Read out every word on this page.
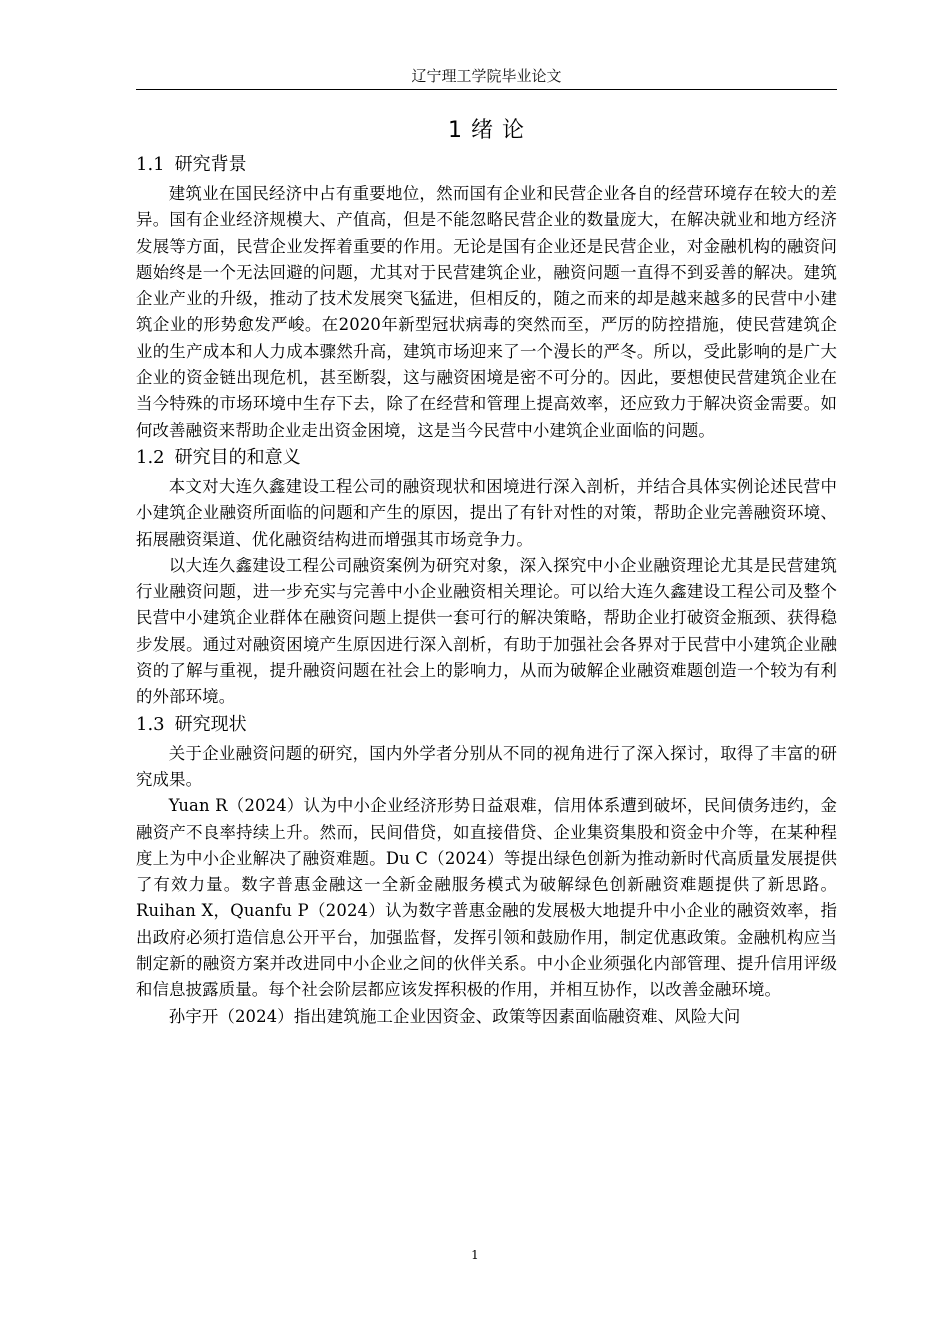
辽宁理工学院毕业论文
1 绪 论
1.1 研究背景

建筑业在国民经济中占有重要地位，然而国有企业和民营企业各自的经营环境存在较大的差异。国有企业经济规模大、产值高，但是不能忽略民营企业的数量庞大，在解决就业和地方经济发展等方面，民营企业发挥着重要的作用。无论是国有企业还是民营企业，对金融机构的融资问题始终是一个无法回避的问题，尤其对于民营建筑企业，融资问题一直得不到妥善的解决。建筑企业产业的升级，推动了技术发展突飞猛进，但相反的，随之而来的却是越来越多的民营中小建筑企业的形势愈发严峻。在2020年新型冠状病毒的突然而至，严厉的防控措施，使民营建筑企业的生产成本和人力成本骤然升高，建筑市场迎来了一个漫长的严冬。所以，受此影响的是广大企业的资金链出现危机，甚至断裂，这与融资困境是密不可分的。因此，要想使民营建筑企业在当今特殊的市场环境中生存下去，除了在经营和管理上提高效率，还应致力于解决资金需要。如何改善融资来帮助企业走出资金困境，这是当今民营中小建筑企业面临的问题。

1.2 研究目的和意义

本文对大连久鑫建设工程公司的融资现状和困境进行深入剖析，并结合具体实例论述民营中小建筑企业融资所面临的问题和产生的原因，提出了有针对性的对策，帮助企业完善融资环境、拓展融资渠道、优化融资结构进而增强其市场竞争力。

以大连久鑫建设工程公司融资案例为研究对象，深入探究中小企业融资理论尤其是民营建筑行业融资问题，进一步充实与完善中小企业融资相关理论。可以给大连久鑫建设工程公司及整个民营中小建筑企业群体在融资问题上提供一套可行的解决策略，帮助企业打破资金瓶颈、获得稳步发展。通过对融资困境产生原因进行深入剖析，有助于加强社会各界对于民营中小建筑企业融资的了解与重视，提升融资问题在社会上的影响力，从而为破解企业融资难题创造一个较为有利的外部环境。

1.3 研究现状

关于企业融资问题的研究，国内外学者分别从不同的视角进行了深入探讨，取得了丰富的研究成果。

Yuan R（2024）认为中小企业经济形势日益艰难，信用体系遭到破坏，民间债务违约，金融资产不良率持续上升。然而，民间借贷，如直接借贷、企业集资集股和资金中介等，在某种程度上为中小企业解决了融资难题。Du C（2024）等提出绿色创新为推动新时代高质量发展提供了有效力量。数字普惠金融这一全新金融服务模式为破解绿色创新融资难题提供了新思路。Ruihan X，Quanfu P（2024）认为数字普惠金融的发展极大地提升中小企业的融资效率，指出政府必须打造信息公开平台，加强监督，发挥引领和鼓励作用，制定优惠政策。金融机构应当制定新的融资方案并改进同中小企业之间的伙伴关系。中小企业须强化内部管理、提升信用评级和信息披露质量。每个社会阶层都应该发挥积极的作用，并相互协作，以改善金融环境。

孙宇开（2024）指出建筑施工企业因资金、政策等因素面临融资难、风险大问

1
